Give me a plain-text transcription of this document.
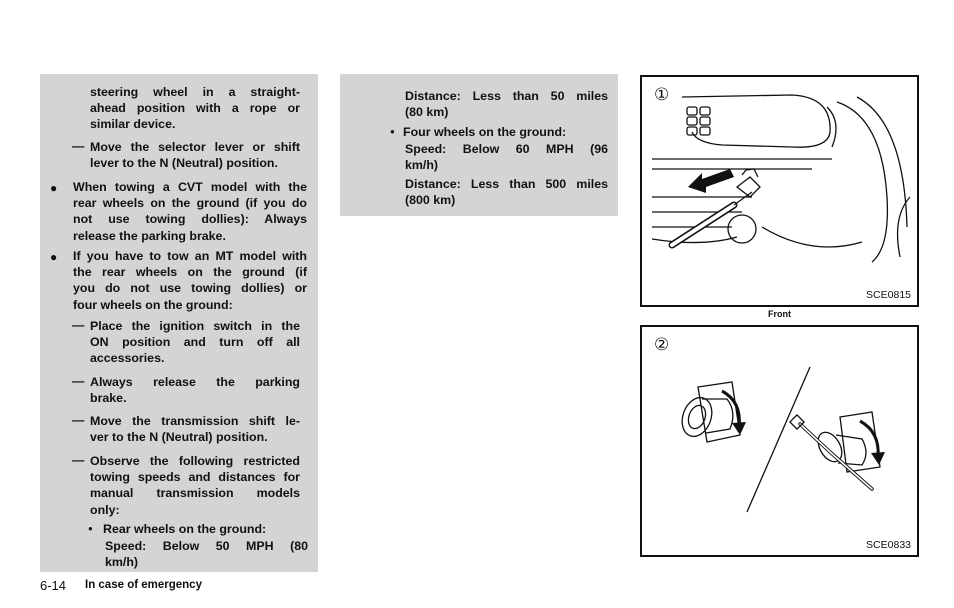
steering wheel in a straight-
ahead position with a rope or
similar device.
— Move the selector lever or shift
lever to the N (Neutral) position.
● When towing a CVT model with the
rear wheels on the ground (if you do
not use towing dollies): Always
release the parking brake.
● If you have to tow an MT model with
the rear wheels on the ground (if
you do not use towing dollies) or
four wheels on the ground:
— Place the ignition switch in the
ON position and turn off all
accessories.
— Always release the parking
brake.
— Move the transmission shift le-
ver to the N (Neutral) position.
— Observe the following restricted
towing speeds and distances for
manual transmission models
only:
● Rear wheels on the ground:
Speed: Below 50 MPH (80
km/h)
Distance: Less than 50 miles
(80 km)
● Four wheels on the ground:
Speed: Below 60 MPH (96
km/h)
Distance: Less than 500 miles
(800 km)
①
SCE0815
Front
②
SCE0833
6-14 In case of emergency
